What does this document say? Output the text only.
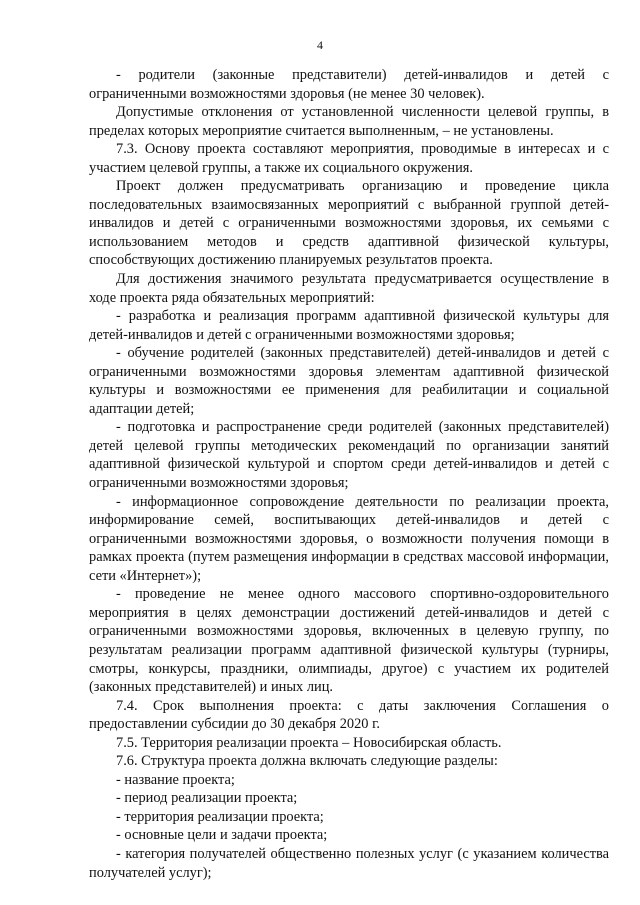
4

- родители (законные представители) детей-инвалидов и детей с ограниченными возможностями здоровья (не менее 30 человек).

Допустимые отклонения от установленной численности целевой группы, в пределах которых мероприятие считается выполненным, – не установлены.

7.3. Основу проекта составляют мероприятия, проводимые в интересах и с участием целевой группы, а также их социального окружения.

Проект должен предусматривать организацию и проведение цикла последовательных взаимосвязанных мероприятий с выбранной группой детей-инвалидов и детей с ограниченными возможностями здоровья, их семьями с использованием методов и средств адаптивной физической культуры, способствующих достижению планируемых результатов проекта.

Для достижения значимого результата предусматривается осуществление в ходе проекта ряда обязательных мероприятий:

- разработка и реализация программ адаптивной физической культуры для детей-инвалидов и детей с ограниченными возможностями здоровья;

- обучение родителей (законных представителей) детей-инвалидов и детей с ограниченными возможностями здоровья элементам адаптивной физической культуры и возможностями ее применения для реабилитации и социальной адаптации детей;

- подготовка и распространение среди родителей (законных представителей) детей целевой группы методических рекомендаций по организации занятий адаптивной физической культурой и спортом среди детей-инвалидов и детей с ограниченными возможностями здоровья;

- информационное сопровождение деятельности по реализации проекта, информирование семей, воспитывающих детей-инвалидов и детей с ограниченными возможностями здоровья, о возможности получения помощи в рамках проекта (путем размещения информации в средствах массовой информации, сети «Интернет»);

- проведение не менее одного массового спортивно-оздоровительного мероприятия в целях демонстрации достижений детей-инвалидов и детей с ограниченными возможностями здоровья, включенных в целевую группу, по результатам реализации программ адаптивной физической культуры (турниры, смотры, конкурсы, праздники, олимпиады, другое) с участием их родителей (законных представителей) и иных лиц.

7.4. Срок выполнения проекта: с даты заключения Соглашения о предоставлении субсидии до 30 декабря 2020 г.

7.5. Территория реализации проекта – Новосибирская область.

7.6. Структура проекта должна включать следующие разделы:

- название проекта;

- период реализации проекта;

- территория реализации проекта;

- основные цели и задачи проекта;

- категория получателей общественно полезных услуг (с указанием количества получателей услуг);
